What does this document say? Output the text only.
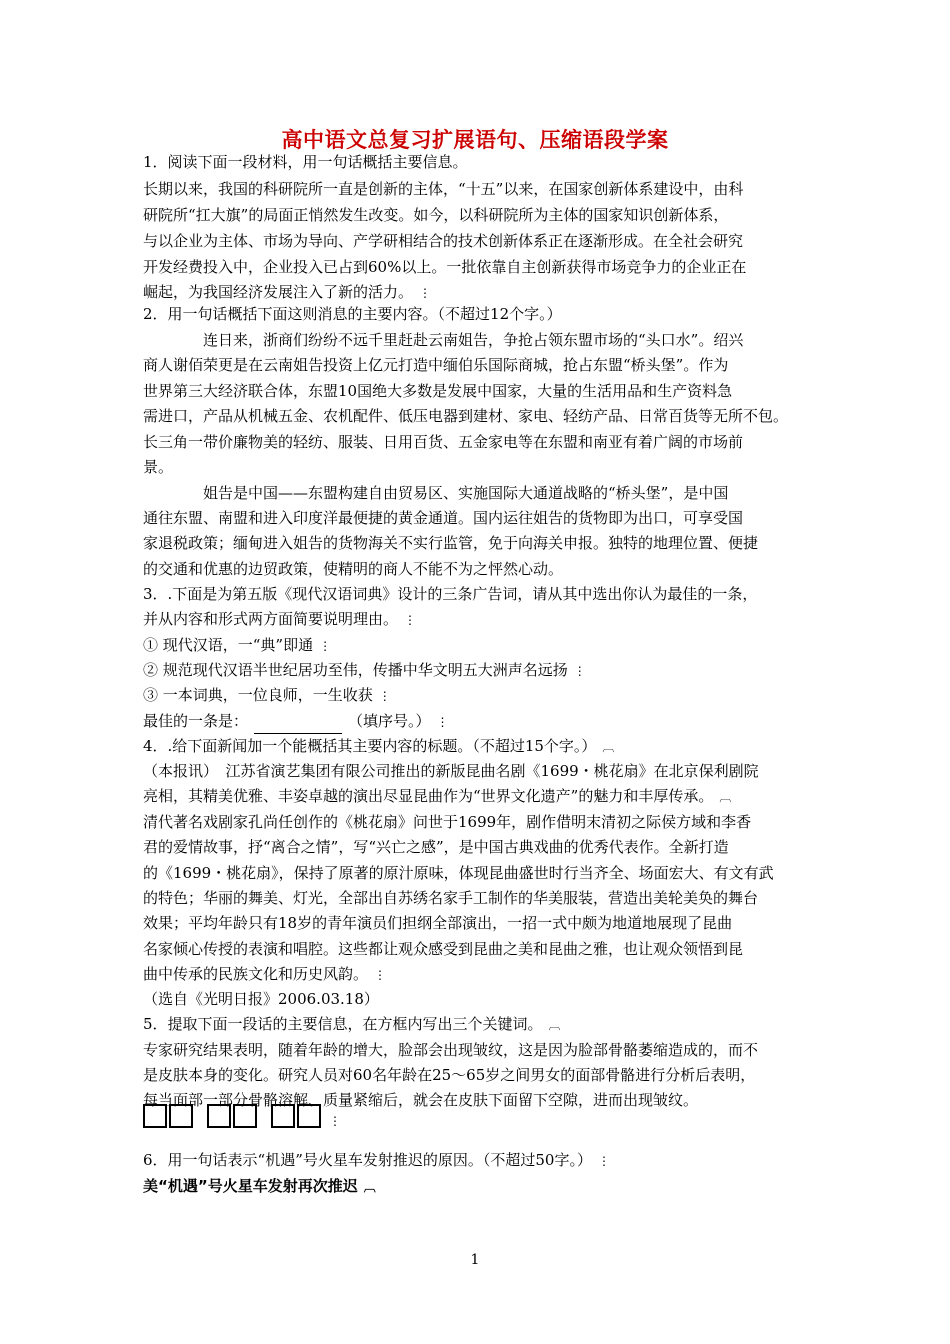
高中语文总复习扩展语句、压缩语段学案
1．阅读下面一段材料，用一句话概括主要信息。
长期以来，我国的科研院所一直是创新的主体，“十五”以来，在国家创新体系建设中，由科
研院所“扛大旗”的局面正悄然发生改变。如今，以科研院所为主体的国家知识创新体系，
与以企业为主体、市场为导向、产学研相结合的技术创新体系正在逐渐形成。在全社会研究
开发经费投入中，企业投入已占到60%以上。一批依靠自主创新获得市场竞争力的企业正在
崛起，为我国经济发展注入了新的活力。 ⋮
2．用一句话概括下面这则消息的主要内容。（不超过12个字。）
连日来，浙商们纷纷不远千里赶赴云南姐告，争抢占领东盟市场的“头口水”。绍兴
商人谢佰荣更是在云南姐告投资上亿元打造中缅伯乐国际商城，抢占东盟“桥头堡”。作为
世界第三大经济联合体，东盟10国绝大多数是发展中国家，大量的生活用品和生产资料急
需进口，产品从机械五金、农机配件、低压电器到建材、家电、轻纺产品、日常百货等无所不包。
长三角一带价廉物美的轻纺、服装、日用百货、五金家电等在东盟和南亚有着广阔的市场前
景。
姐告是中国——东盟构建自由贸易区、实施国际大通道战略的“桥头堡”，是中国
通往东盟、南盟和进入印度洋最便捷的黄金通道。国内运往姐告的货物即为出口，可享受国
家退税政策；缅甸进入姐告的货物海关不实行监管，免于向海关申报。独特的地理位置、便捷
的交通和优惠的边贸政策，使精明的商人不能不为之怦然心动。
3．.下面是为第五版《现代汉语词典》设计的三条广告词，请从其中选出你认为最佳的一条，
并从内容和形式两方面简要说明理由。 ⋮
① 现代汉语，一“典”即通 ⋮
② 规范现代汉语半世纪居功至伟，传播中华文明五大洲声名远扬 ⋮
③ 一本词典，一位良师，一生收获 ⋮
最佳的一条是：	（填序号。） ⋮
4．.给下面新闻加一个能概括其主要内容的标题。（不超过15个字。） ︹
（本报讯）　江苏省演艺集团有限公司推出的新版昆曲名剧《1699・桃花扇》在北京保利剧院
亮相，其精美优雅、丰姿卓越的演出尽显昆曲作为“世界文化遗产”的魅力和丰厚传承。 ︹
清代著名戏剧家孔尚任创作的《桃花扇》问世于1699年，剧作借明末清初之际侯方域和李香
君的爱情故事，抒“离合之情”，写“兴亡之感”，是中国古典戏曲的优秀代表作。全新打造
的《1699・桃花扇》，保持了原著的原汁原味，体现昆曲盛世时行当齐全、场面宏大、有文有武
的特色；华丽的舞美、灯光，全部出自苏绣名家手工制作的华美服装，营造出美轮美奂的舞台
效果；平均年龄只有18岁的青年演员们担纲全部演出，一招一式中颇为地道地展现了昆曲
名家倾心传授的表演和唱腔。这些都让观众感受到昆曲之美和昆曲之雅，也让观众领悟到昆
曲中传承的民族文化和历史风韵。 ⋮
（选自《光明日报》2006.03.18）
5．提取下面一段话的主要信息，在方框内写出三个关键词。 ︹
专家研究结果表明，随着年龄的增大，脸部会出现皱纹，这是因为脸部骨骼萎缩造成的，而不
是皮肤本身的变化。研究人员对60名年龄在25～65岁之间男女的面部骨骼进行分析后表明，
每当面部一部分骨骼溶解、质量紧缩后，就会在皮肤下面留下空隙，进而出现皱纹。
⋮
6．用一句话表示“机遇”号火星车发射推迟的原因。（不超过50字。） ⋮
美“机遇”号火星车发射再次推迟 ︹
1
